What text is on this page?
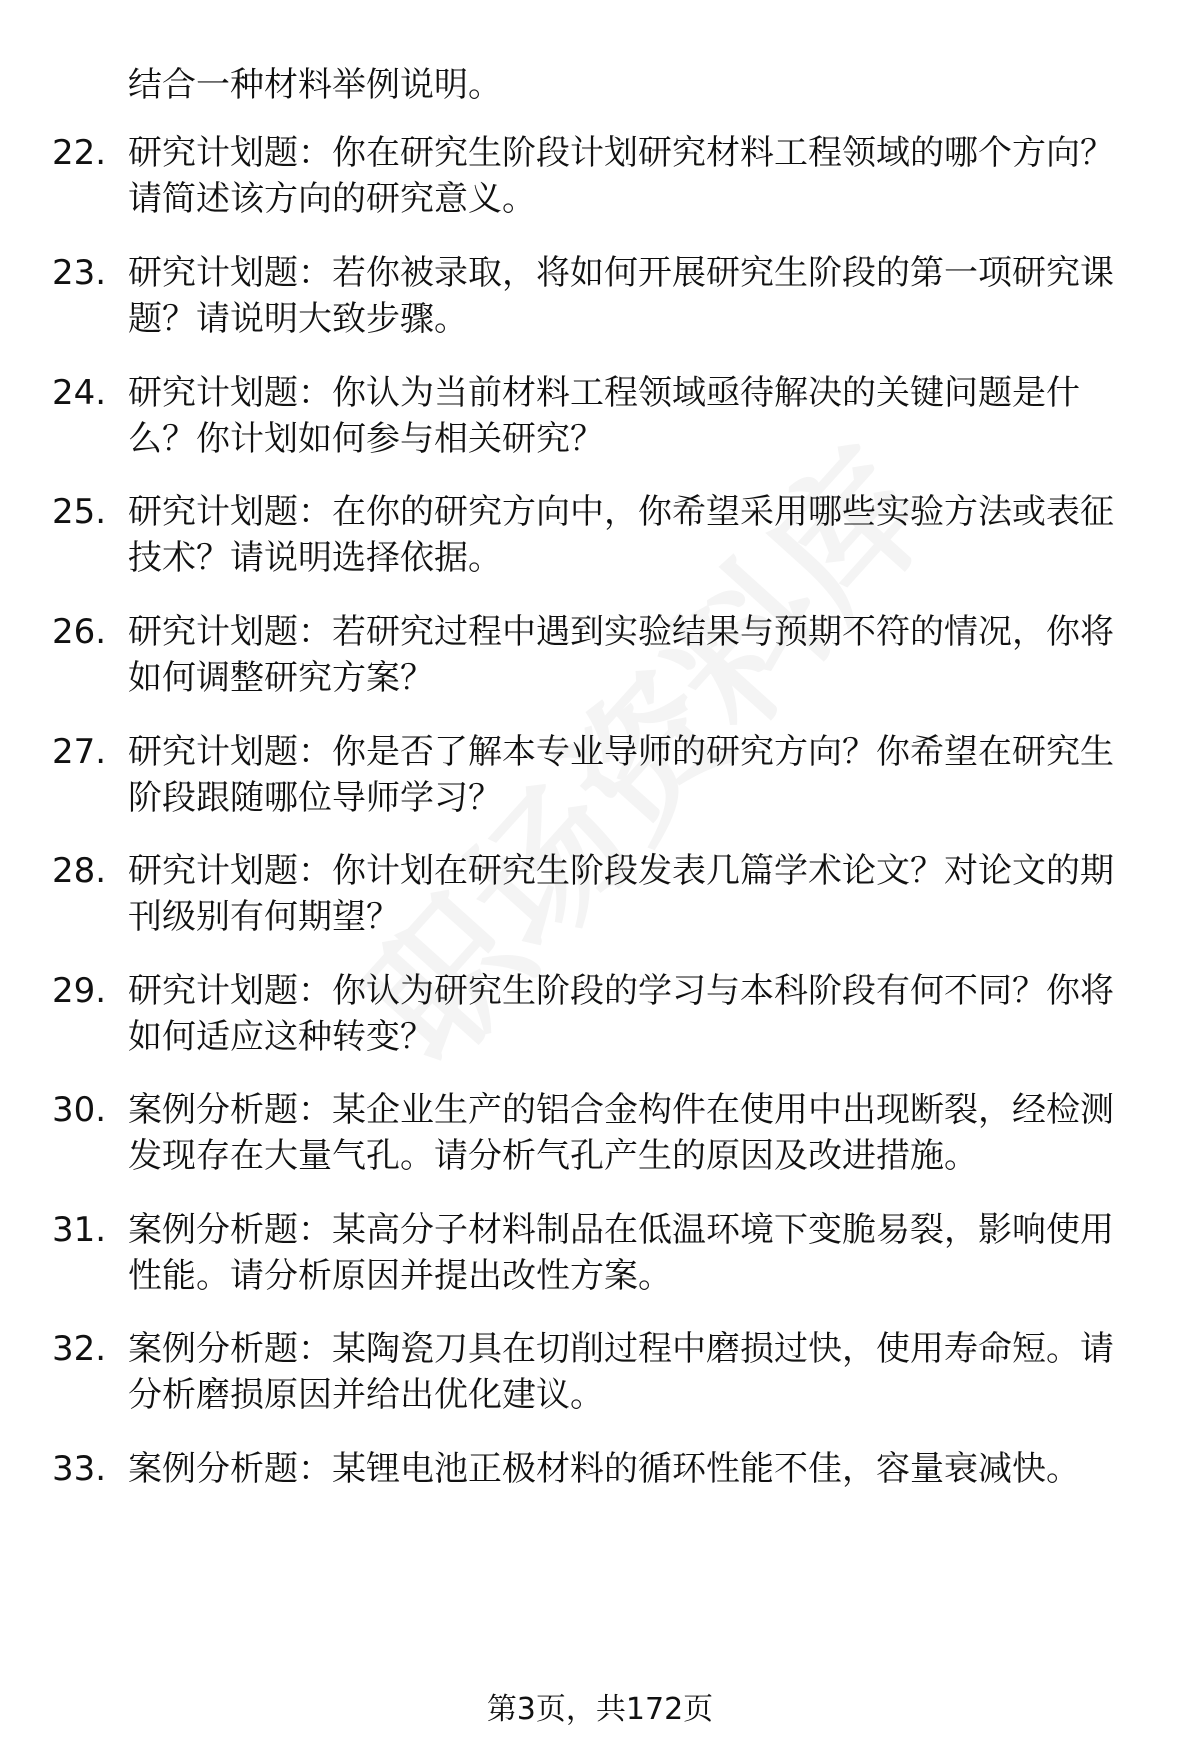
结合一种材料举例说明。
22. 研究计划题：你在研究生阶段计划研究材料工程领域的哪个方向？请简述该方向的研究意义。
23. 研究计划题：若你被录取，将如何开展研究生阶段的第一项研究课题？请说明大致步骤。
24. 研究计划题：你认为当前材料工程领域亟待解决的关键问题是什么？你计划如何参与相关研究？
25. 研究计划题：在你的研究方向中，你希望采用哪些实验方法或表征技术？请说明选择依据。
26. 研究计划题：若研究过程中遇到实验结果与预期不符的情况，你将如何调整研究方案？
27. 研究计划题：你是否了解本专业导师的研究方向？你希望在研究生阶段跟随哪位导师学习？
28. 研究计划题：你计划在研究生阶段发表几篇学术论文？对论文的期刊级别有何期望？
29. 研究计划题：你认为研究生阶段的学习与本科阶段有何不同？你将如何适应这种转变？
30. 案例分析题：某企业生产的铝合金构件在使用中出现断裂，经检测发现存在大量气孔。请分析气孔产生的原因及改进措施。
31. 案例分析题：某高分子材料制品在低温环境下变脆易裂，影响使用性能。请分析原因并提出改性方案。
32. 案例分析题：某陶瓷刀具在切削过程中磨损过快，使用寿命短。请分析磨损原因并给出优化建议。
33. 案例分析题：某锂电池正极材料的循环性能不佳，容量衰减快。
第3页，共172页
